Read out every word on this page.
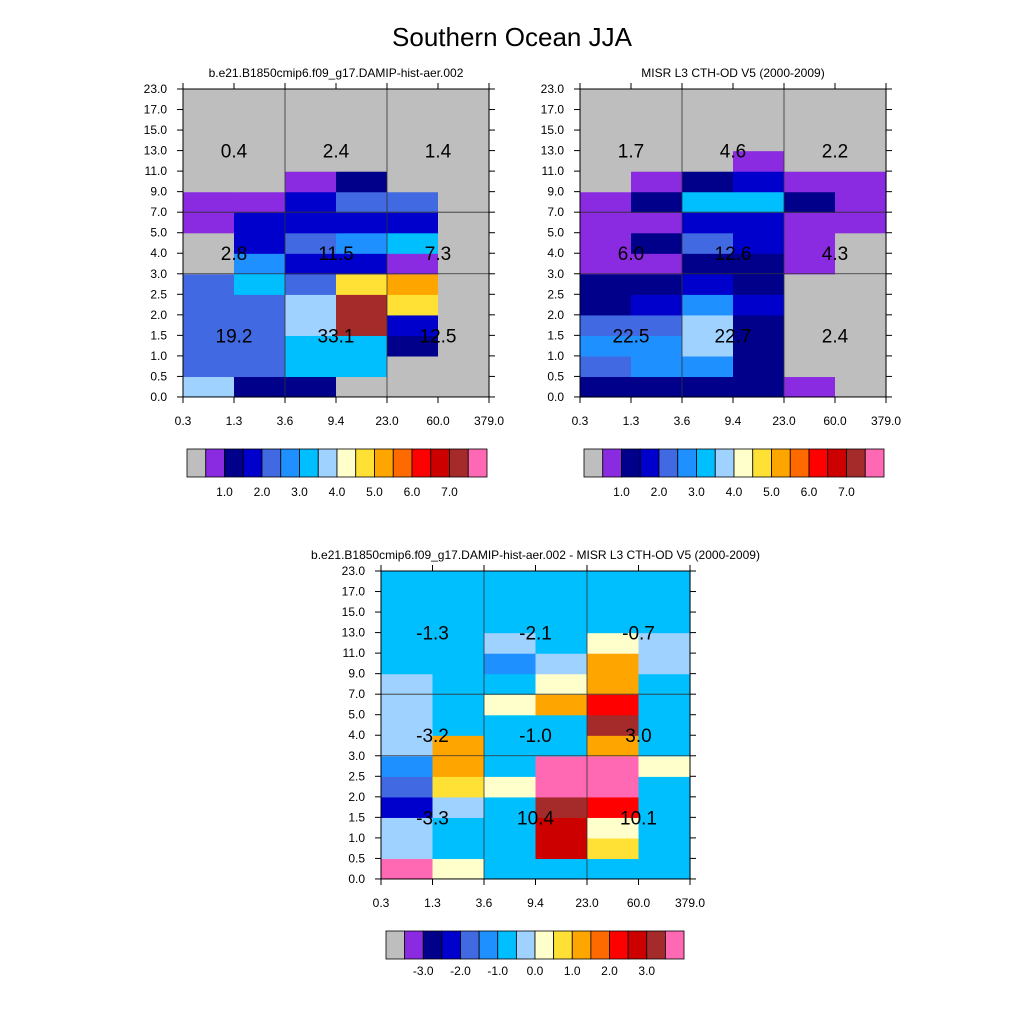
Southern Ocean JJA
b.e21.B1850cmip6.f09_g17.DAMIP-hist-aer.002
0.0
0.5
1.0
1.5
2.0
2.5
3.0
4.0
5.0
7.0
9.0
11.0
13.0
15.0
17.0
23.0
0.3	1.3	3.6	9.4	23.0 60.0 379.0
0.4	2.4	1.4
2.8	11.5	7.3
19.2	33.1	12.5
1.0 2.0 3.0 4.0 5.0 6.0 7.0
MISR L3 CTH-OD V5 (2000-2009)
0.0
0.5
1.0
1.5
2.0
2.5
3.0
4.0
5.0
7.0
9.0
11.0
13.0
15.0
17.0
23.0
0.3	1.3	3.6	9.4	23.0 60.0 379.0
1.7	4.6	2.2
6.0	12.6	4.3
22.5	22.7	2.4
1.0 2.0 3.0 4.0 5.0 6.0 7.0
b.e21.B1850cmip6.f09_g17.DAMIP-hist-aer.002 - MISR L3 CTH-OD V5 (2000-2009)
0.0
0.5
1.0
1.5
2.0
2.5
3.0
4.0
5.0
7.0
9.0
11.0
13.0
15.0
17.0
23.0
0.3	1.3	3.6	9.4	23.0 60.0 379.0
-1.3	-2.1	-0.7
-3.2	-1.0	3.0
-3.3	10.4	10.1
-3.0 -2.0 -1.0 0.0 1.0 2.0 3.0
